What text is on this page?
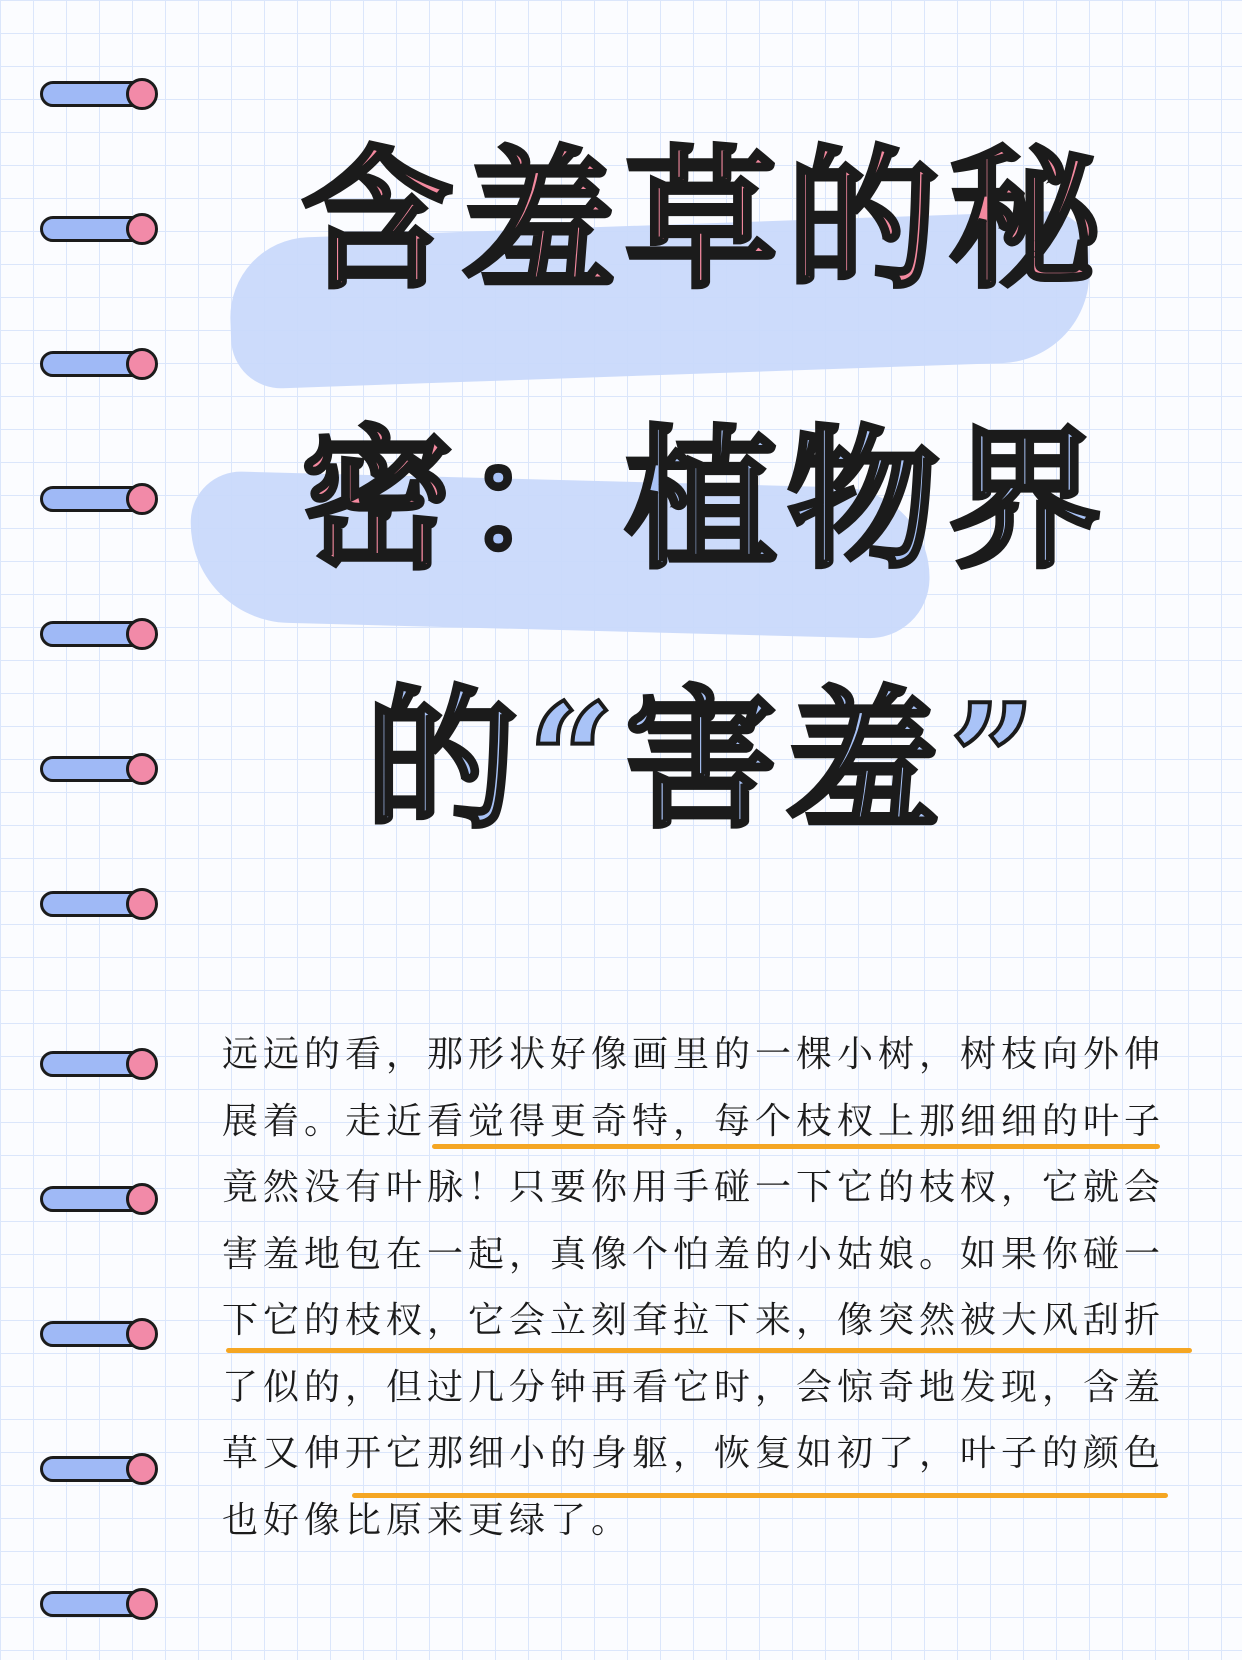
含羞草的秘
密：植物界
的“害羞”
远远的看，那形状好像画里的一棵小树，树枝向外伸展着。走近看觉得更奇特，每个枝杈上那细细的叶子竟然没有叶脉！只要你用手碰一下它的枝杈，它就会害羞地包在一起，真像个怕羞的小姑娘。如果你碰一下它的枝杈，它会立刻耷拉下来，像突然被大风刮折了似的，但过几分钟再看它时，会惊奇地发现，含羞草又伸开它那细小的身躯，恢复如初了，叶子的颜色也好像比原来更绿了。
